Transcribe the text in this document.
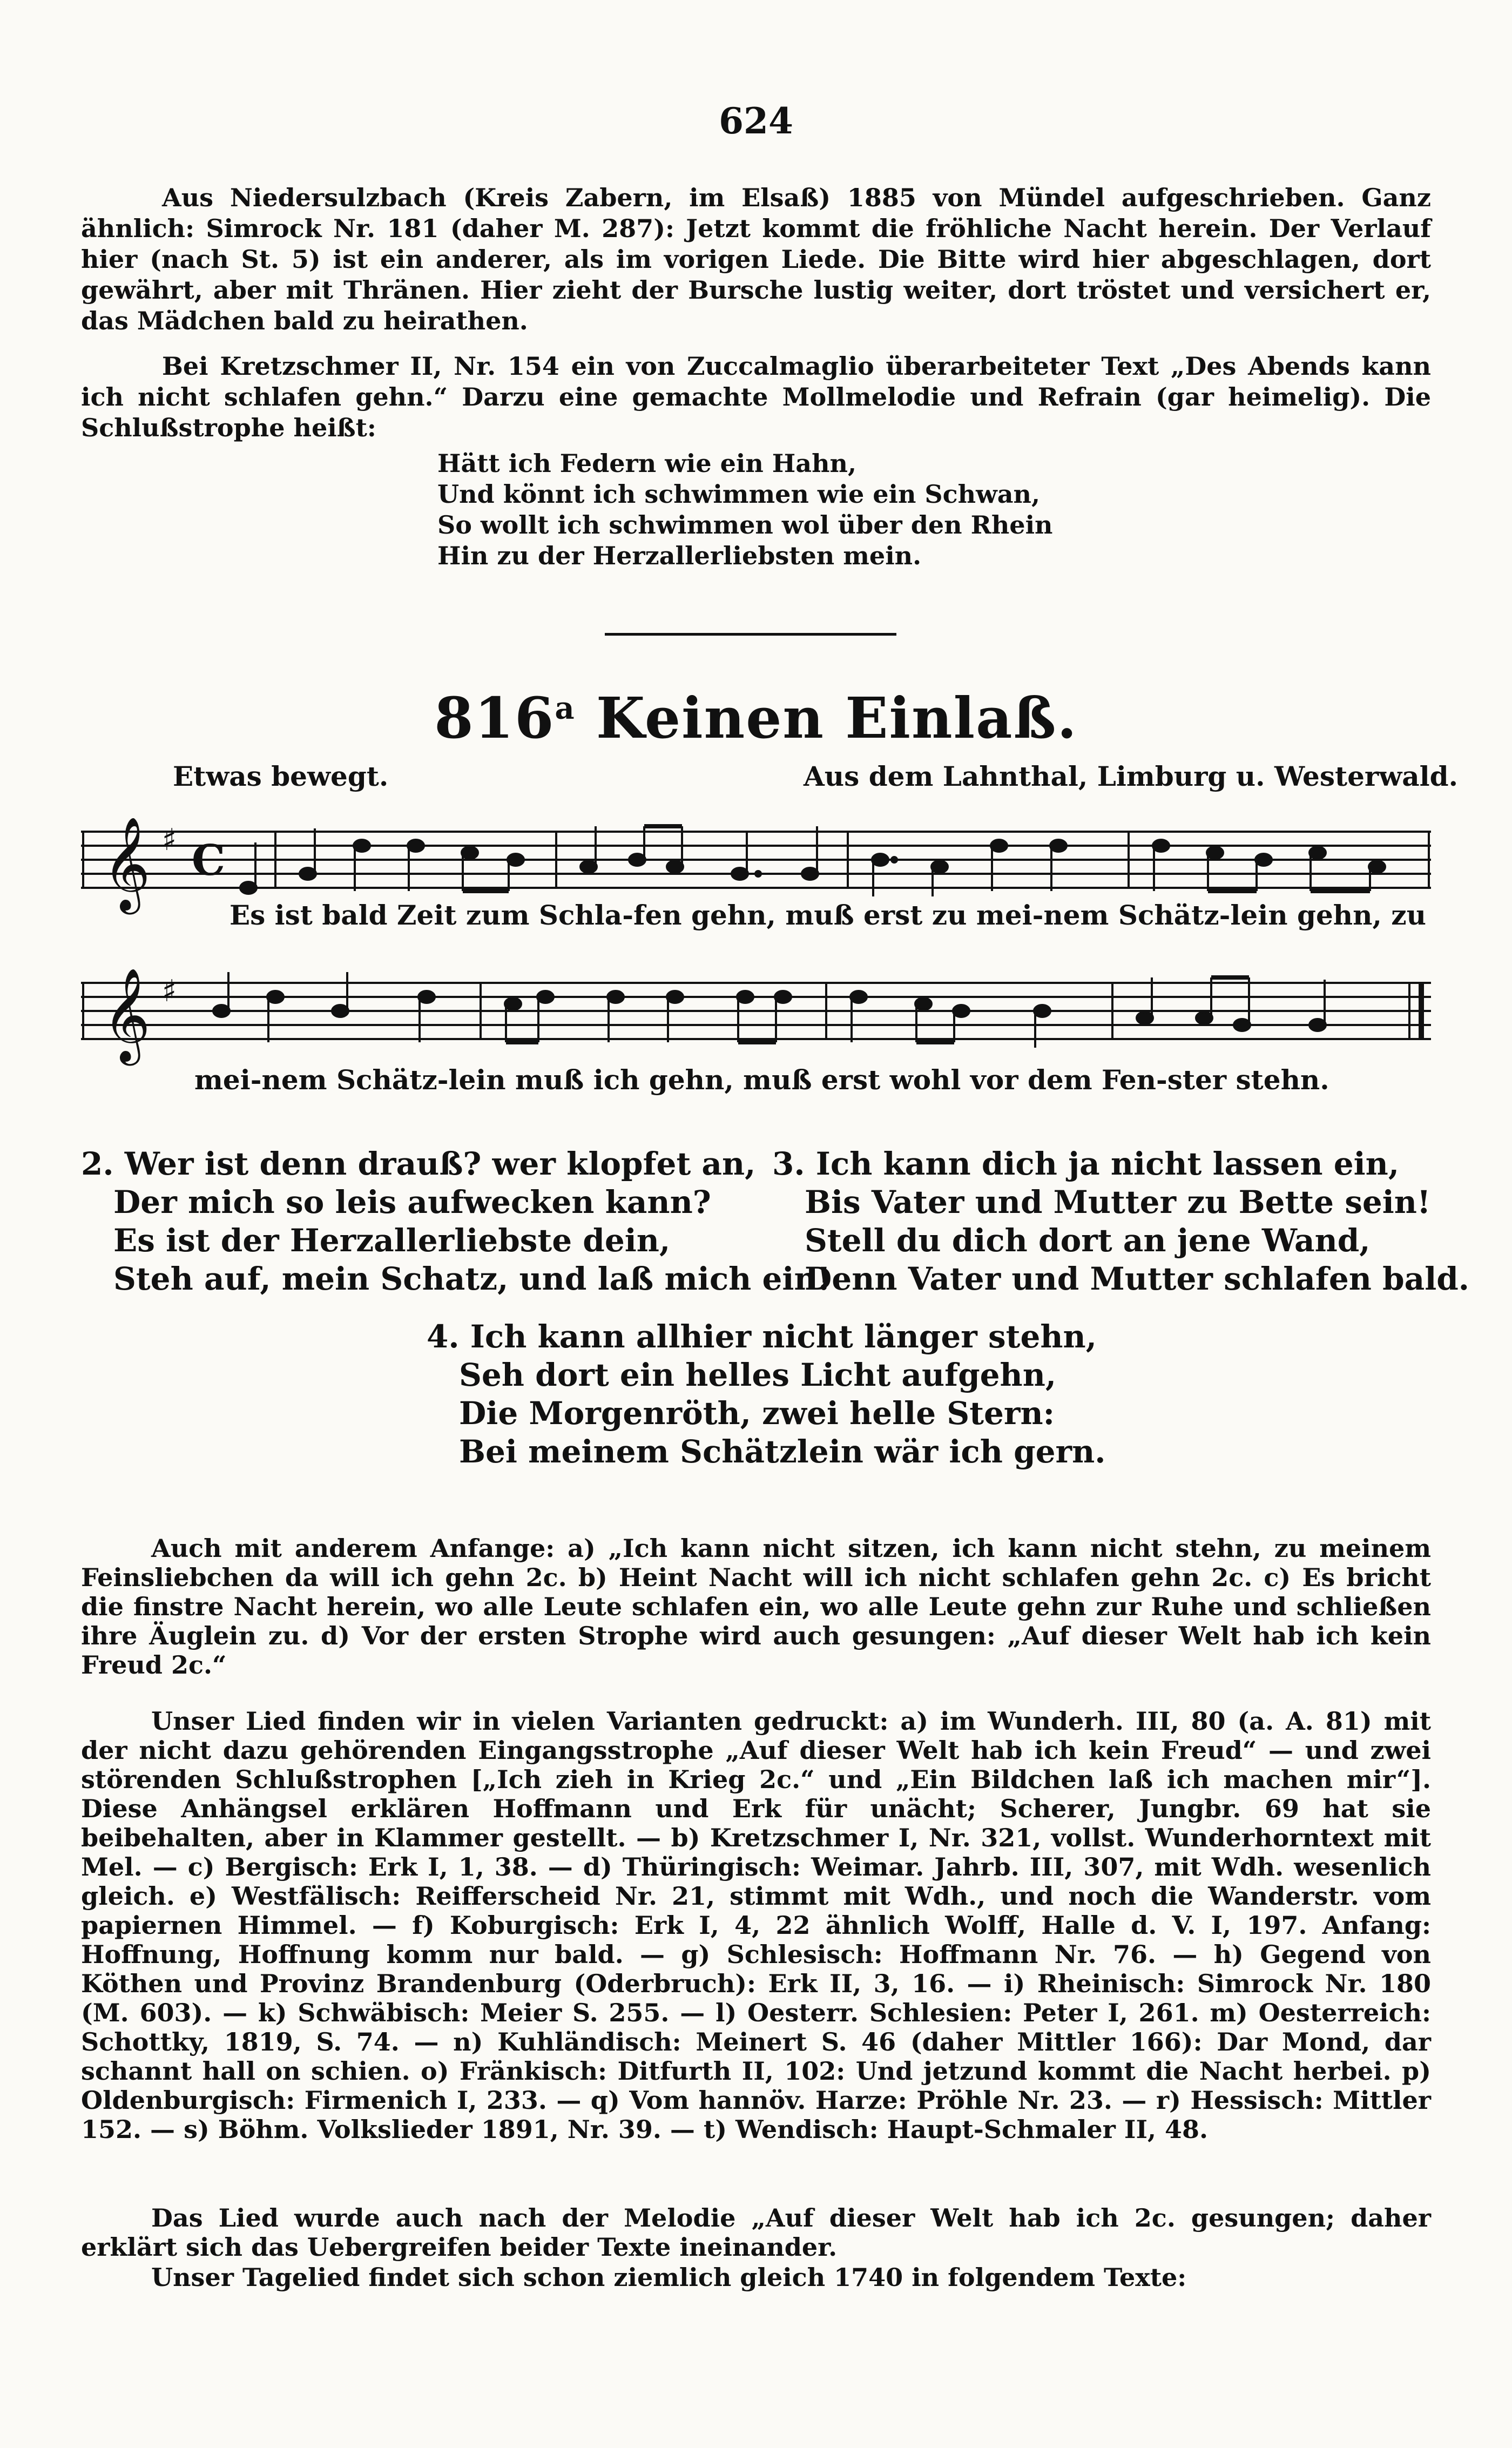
624

Aus Niedersulzbach (Kreis Zabern, im Elsaß) 1885 von Mündel aufgeschrieben. Ganz ähnlich: Simrock Nr. 181 (daher M. 287): Jetzt kommt die fröhliche Nacht herein. Der Verlauf hier (nach St. 5) ist ein anderer, als im vorigen Liede. Die Bitte wird hier abgeschlagen, dort gewährt, aber mit Thränen. Hier zieht der Bursche lustig weiter, dort tröstet und versichert er, das Mädchen bald zu heirathen.

Bei Kretzschmer II, Nr. 154 ein von Zuccalmaglio überarbeiteter Text „Des Abends kann ich nicht schlafen gehn.“ Darzu eine gemachte Mollmelodie und Refrain (gar heimelig). Die Schlußstrophe heißt:

Hätt ich Federn wie ein Hahn,
Und könnt ich schwimmen wie ein Schwan,
So wollt ich schwimmen wol über den Rhein
Hin zu der Herzallerliebsten mein.
816$^a$ Keinen Einlaß.
Etwas bewegt.	Aus dem Lahnthal, Limburg u. Westerwald.
𝄞 ♯ C
Es ist bald Zeit zum Schla-fen gehn, muß erst zu mei-nem Schätz-lein gehn, zu
𝄞 ♯
mei-nem Schätz-lein muß ich gehn, muß erst wohl vor dem Fen-ster stehn.
2. Wer ist denn drauß? wer klopfet an,
Der mich so leis aufwecken kann?
Es ist der Herzallerliebste dein,
Steh auf, mein Schatz, und laß mich ein!
3. Ich kann dich ja nicht lassen ein,
Bis Vater und Mutter zu Bette sein!
Stell du dich dort an jene Wand,
Denn Vater und Mutter schlafen bald.
4. Ich kann allhier nicht länger stehn,
Seh dort ein helles Licht aufgehn,
Die Morgenröth, zwei helle Stern:
Bei meinem Schätzlein wär ich gern.

Auch mit anderem Anfange: a) „Ich kann nicht sitzen, ich kann nicht stehn, zu meinem Feinsliebchen da will ich gehn 2c. b) Heint Nacht will ich nicht schlafen gehn 2c. c) Es bricht die finstre Nacht herein, wo alle Leute schlafen ein, wo alle Leute gehn zur Ruhe und schließen ihre Äuglein zu. d) Vor der ersten Strophe wird auch gesungen: „Auf dieser Welt hab ich kein Freud 2c.“

Unser Lied finden wir in vielen Varianten gedruckt: a) im Wunderh. III, 80 (a. A. 81) mit der nicht dazu gehörenden Eingangsstrophe „Auf dieser Welt hab ich kein Freud“ — und zwei störenden Schlußstrophen [„Ich zieh in Krieg 2c.“ und „Ein Bildchen laß ich machen mir“]. Diese Anhängsel erklären Hoffmann und Erk für unächt; Scherer, Jungbr. 69 hat sie beibehalten, aber in Klammer gestellt. — b) Kretzschmer I, Nr. 321, vollst. Wunderhorntext mit Mel. — c) Bergisch: Erk I, 1, 38. — d) Thüringisch: Weimar. Jahrb. III, 307, mit Wdh. wesenlich gleich. e) Westfälisch: Reifferscheid Nr. 21, stimmt mit Wdh., und noch die Wanderstr. vom papiernen Himmel. — f) Koburgisch: Erk I, 4, 22 ähnlich Wolff, Halle d. V. I, 197. Anfang: Hoffnung, Hoffnung komm nur bald. — g) Schlesisch: Hoffmann Nr. 76. — h) Gegend von Köthen und Provinz Brandenburg (Oderbruch): Erk II, 3, 16. — i) Rheinisch: Simrock Nr. 180 (M. 603). — k) Schwäbisch: Meier S. 255. — l) Oesterr. Schlesien: Peter I, 261. m) Oesterreich: Schottky, 1819, S. 74. — n) Kuhländisch: Meinert S. 46 (daher Mittler 166): Dar Mond, dar schannt hall on schien. o) Fränkisch: Ditfurth II, 102: Und jetzund kommt die Nacht herbei. p) Oldenburgisch: Firmenich I, 233. — q) Vom hannöv. Harze: Pröhle Nr. 23. — r) Hessisch: Mittler 152. — s) Böhm. Volkslieder 1891, Nr. 39. — t) Wendisch: Haupt-Schmaler II, 48.

Das Lied wurde auch nach der Melodie „Auf dieser Welt hab ich 2c. gesungen; daher erklärt sich das Uebergreifen beider Texte ineinander.

Unser Tagelied findet sich schon ziemlich gleich 1740 in folgendem Texte:
